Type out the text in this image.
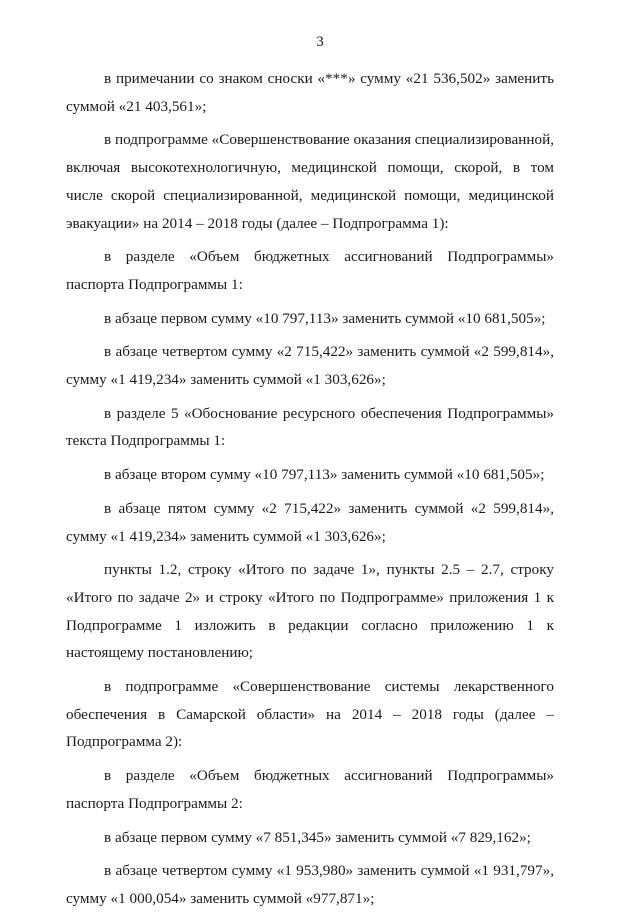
3
в примечании со знаком сноски «***» сумму «21 536,502» заменить
суммой «21 403,561»;
в подпрограмме «Совершенствование оказания специализированной,
включая высокотехнологичную, медицинской помощи, скорой, в том
числе скорой специализированной, медицинской помощи, медицинской
эвакуации» на 2014 – 2018 годы (далее – Подпрограмма 1):
в разделе «Объем бюджетных ассигнований Подпрограммы»
паспорта Подпрограммы 1:
в абзаце первом сумму «10 797,113» заменить суммой «10 681,505»;
в абзаце четвертом сумму «2 715,422» заменить суммой «2 599,814»,
сумму «1 419,234» заменить суммой «1 303,626»;
в разделе 5 «Обоснование ресурсного обеспечения Подпрограммы»
текста Подпрограммы 1:
в абзаце втором сумму «10 797,113» заменить суммой «10 681,505»;
в абзаце пятом сумму «2 715,422» заменить суммой «2 599,814»,
сумму «1 419,234» заменить суммой «1 303,626»;
пункты 1.2, строку «Итого по задаче 1», пункты 2.5 – 2.7, строку
«Итого по задаче 2» и строку «Итого по Подпрограмме» приложения 1 к
Подпрограмме 1 изложить в редакции согласно приложению 1 к
настоящему постановлению;
в подпрограмме «Совершенствование системы лекарственного
обеспечения в Самарской области» на 2014 – 2018 годы (далее –
Подпрограмма 2):
в разделе «Объем бюджетных ассигнований Подпрограммы»
паспорта Подпрограммы 2:
в абзаце первом сумму «7 851,345» заменить суммой «7 829,162»;
в абзаце четвертом сумму «1 953,980» заменить суммой «1 931,797»,
сумму «1 000,054» заменить суммой «977,871»;
